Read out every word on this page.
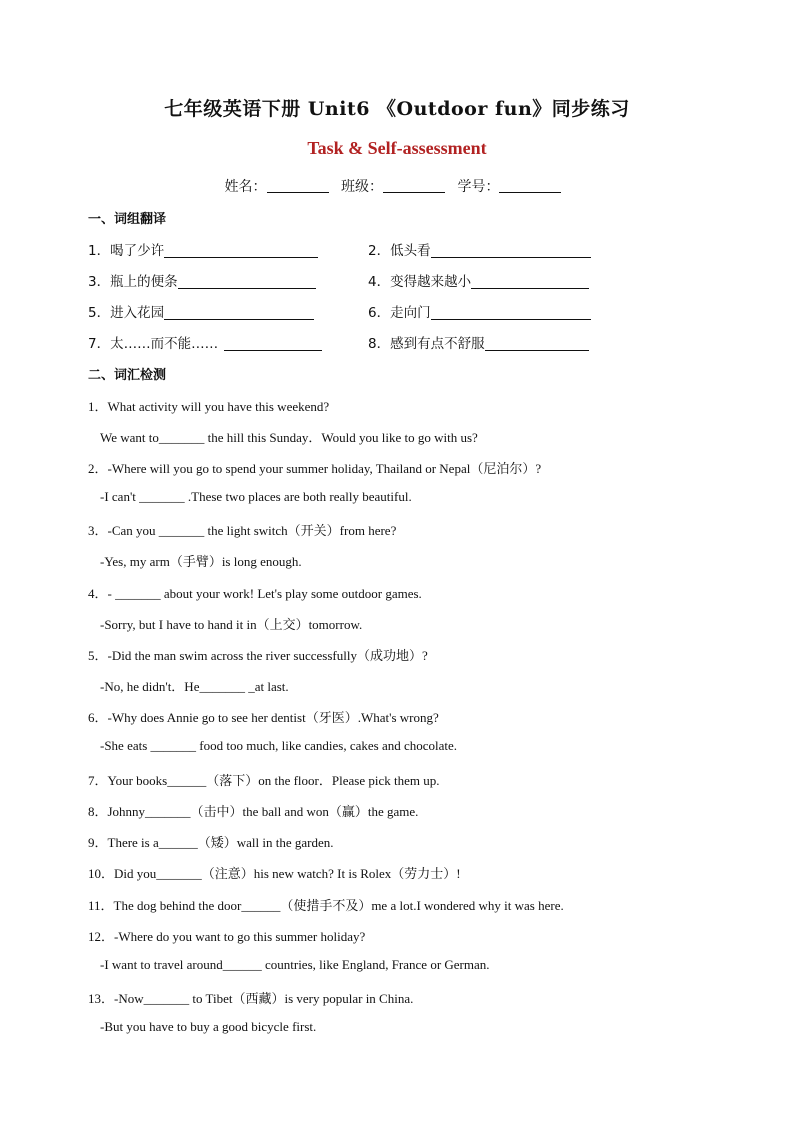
七年级英语下册 Unit6 《Outdoor fun》同步练习
Task & Self-assessment
姓名：	班级：	学号：
一、词组翻译
1．喝了少许	2．低头看
3．瓶上的便条	4．变得越来越小
5．进入花园	6．走向门
7．太……而不能……	8．感到有点不舒服
二、词汇检测
1．What activity will you have this weekend?
We want to_______ the hill this Sunday．Would you like to go with us?
2．-Where will you go to spend your summer holiday, Thailand or Nepal（尼泊尔）?
-I can't _______ .These two places are both really beautiful.
3．-Can you _______ the light switch（开关）from here?
-Yes, my arm（手臂）is long enough.
4．- _______ about your work! Let's play some outdoor games.
-Sorry, but I have to hand it in（上交）tomorrow.
5．-Did the man swim across the river successfully（成功地）?
-No, he didn't．He_______ _at last.
6．-Why does Annie go to see her dentist（牙医）.What's wrong?
-She eats _______ food too much, like candies, cakes and chocolate.
7．Your books______（落下）on the floor．Please pick them up.
8．Johnny_______（击中）the ball and won（赢）the game.
9．There is a______（矮）wall in the garden.
10．Did you_______（注意）his new watch? It is Rolex（劳力士）!
11．The dog behind the door______（使措手不及）me a lot.I wondered why it was here.
12．-Where do you want to go this summer holiday?
-I want to travel around______ countries, like England, France or German.
13．-Now_______ to Tibet（西藏）is very popular in China.
-But you have to buy a good bicycle first.
